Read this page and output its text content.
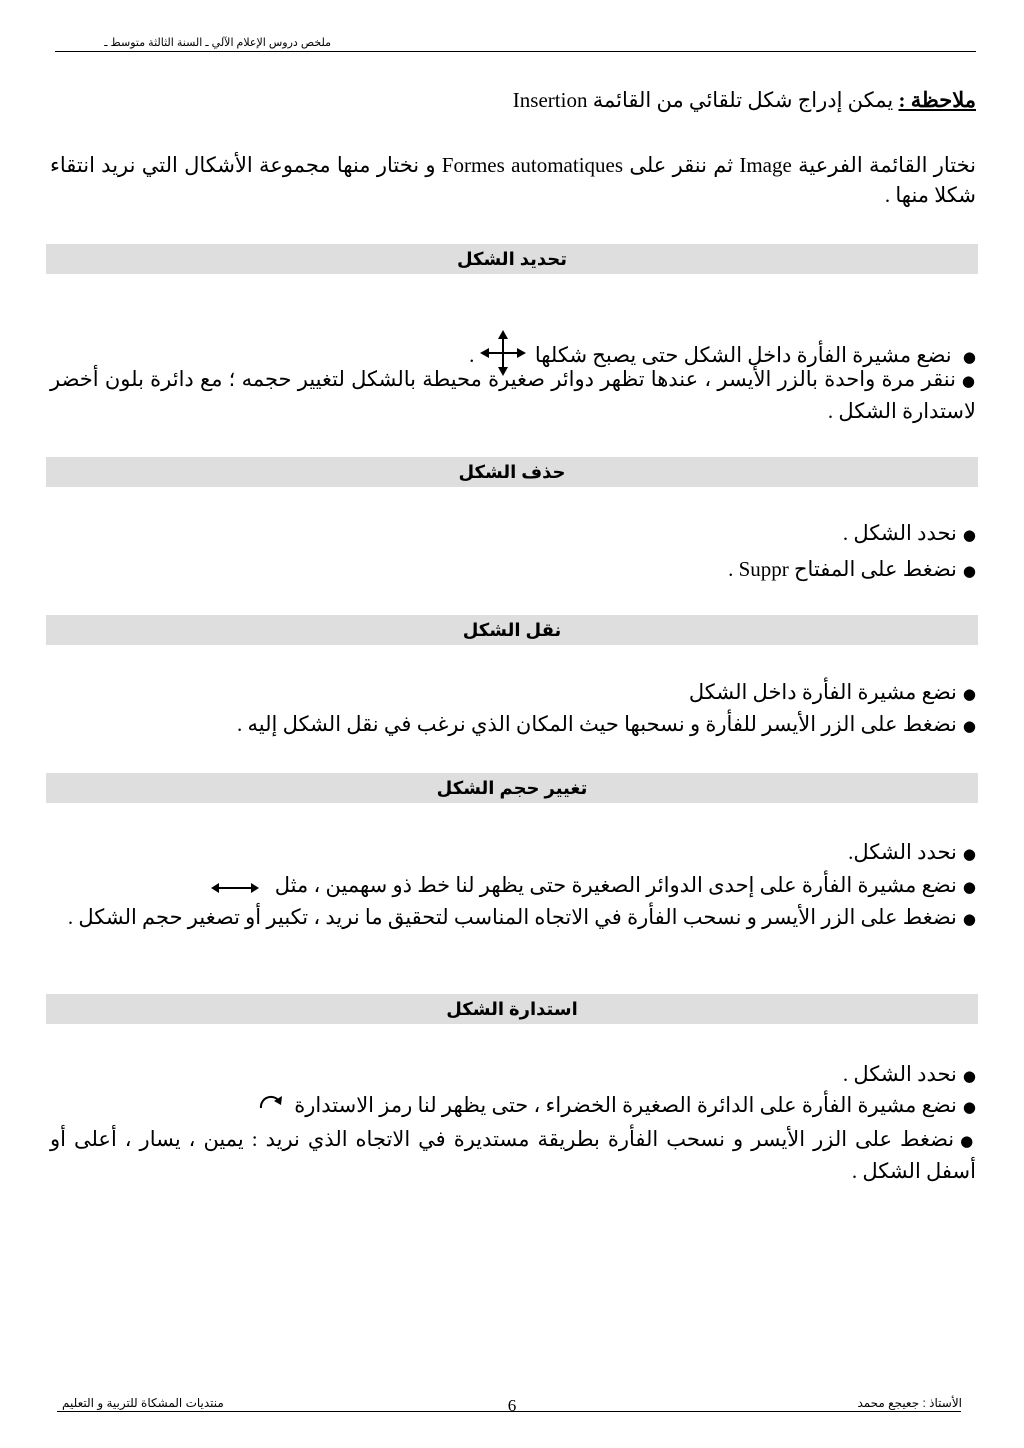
ملخص دروس الإعلام الآلي ـ السنة الثالثة متوسط ـ
ملاحظة : يمكن إدراج شكل تلقائي من القائمة Insertion
نختار القائمة الفرعية Image ثم ننقر على Formes automatiques و نختار منها مجموعة الأشكال التي نريد انتقاء شكلا منها .
تحديد الشكل
● نضع مشيرة الفأرة داخل الشكل حتى يصبح شكلها  .
●ننقر مرة واحدة بالزر الأيسر ، عندها تظهر دوائر صغيرة محيطة بالشكل لتغيير حجمه ؛ مع دائرة بلون أخضر لاستدارة الشكل .
حذف الشكل
●نحدد الشكل .
●نضغط على المفتاح Suppr .
نقل الشكل
●نضع مشيرة الفأرة داخل الشكل
●نضغط على الزر الأيسر للفأرة و نسحبها حيث المكان الذي نرغب في نقل الشكل إليه .
تغيير حجم الشكل
●نحدد الشكل.
●نضع مشيرة الفأرة على إحدى الدوائر الصغيرة حتى يظهر لنا خط ذو سهمين ، مثل
●نضغط على الزر الأيسر و نسحب الفأرة في الاتجاه المناسب لتحقيق ما نريد ، تكبير أو تصغير حجم الشكل .
استدارة الشكل
●نحدد الشكل .
●نضع مشيرة الفأرة على الدائرة الصغيرة الخضراء ، حتى يظهر لنا رمز الاستدارة
●نضغط على الزر الأيسر و نسحب الفأرة بطريقة مستديرة في الاتجاه الذي نريد : يمين ، يسار ، أعلى أو أسفل الشكل .
منتديات المشكاة للتربية و التعليم	6	الأستاذ : جعيجع محمد
